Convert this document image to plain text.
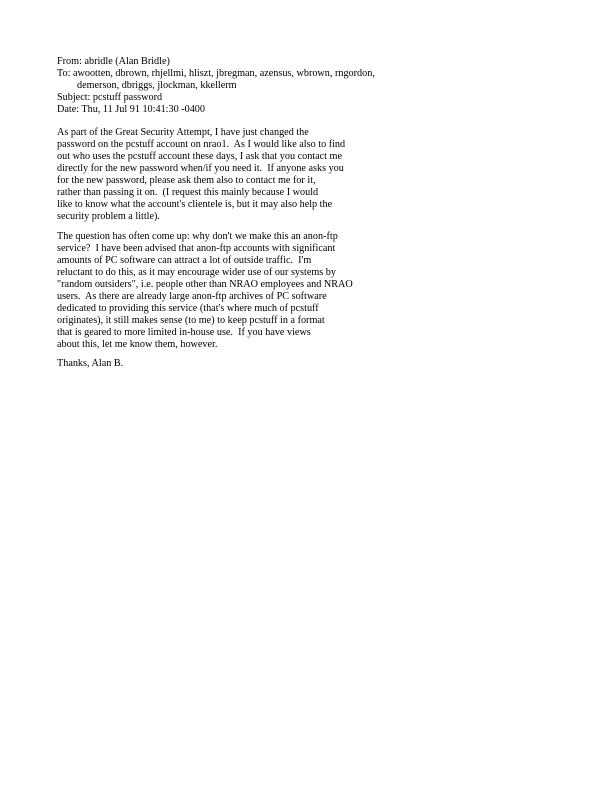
From: abridle (Alan Bridle)
To: awootten, dbrown, rhjellmi, hliszt, jbregman, azensus, wbrown, rngordon,
demerson, dbriggs, jlockman, kkellerm
Subject: pcstuff password
Date: Thu, 11 Jul 91 10:41:30 -0400
As part of the Great Security Attempt, I have just changed the
password on the pcstuff account on nrao1.  As I would like also to find
out who uses the pcstuff account these days, I ask that you contact me
directly for the new password when/if you need it.  If anyone asks you
for the new password, please ask them also to contact me for it,
rather than passing it on.  (I request this mainly because I would
like to know what the account's clientele is, but it may also help the
security problem a little).
The question has often come up: why don't we make this an anon-ftp
service?  I have been advised that anon-ftp accounts with significant
amounts of PC software can attract a lot of outside traffic.  I'm
reluctant to do this, as it may encourage wider use of our systems by
"random outsiders", i.e. people other than NRAO employees and NRAO
users.  As there are already large anon-ftp archives of PC software
dedicated to providing this service (that's where much of pcstuff
originates), it still makes sense (to me) to keep pcstuff in a format
that is geared to more limited in-house use.  If you have views
about this, let me know them, however.
Thanks, Alan B.
